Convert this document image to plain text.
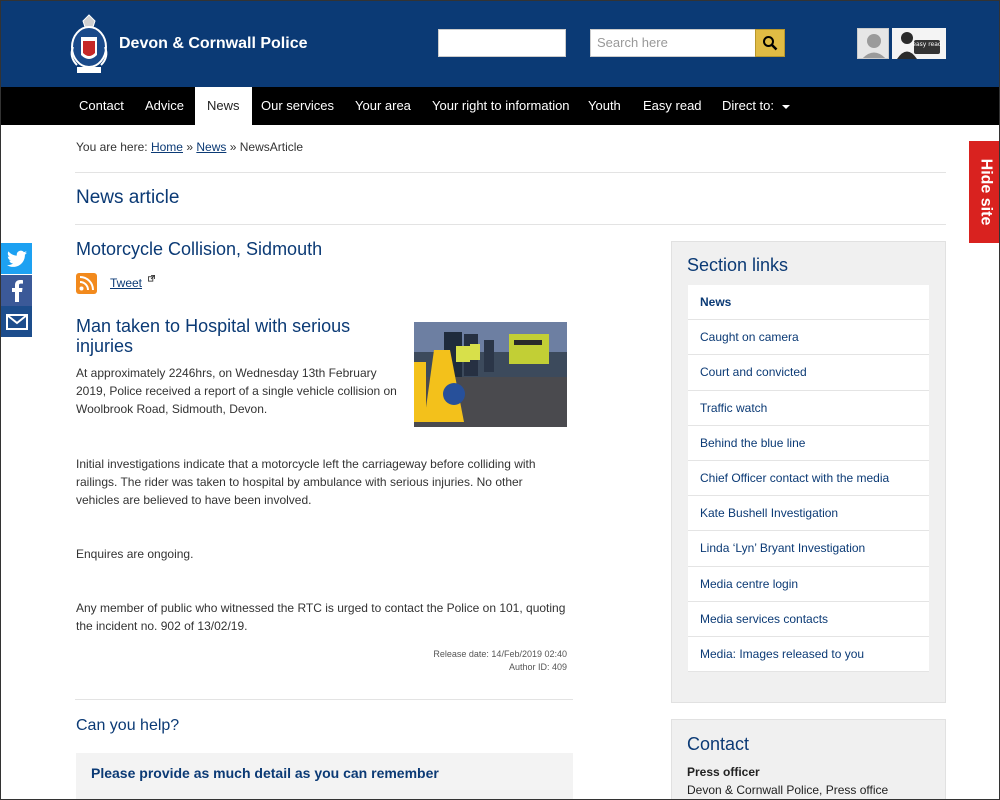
Devon & Cornwall Police	Search here	easy read
Contact Advice	News	Our services Your area Your right to information Youth Easy read Direct to:
Hide site
You are here: Home » News » NewsArticle
News article
Motorcycle Collision, Sidmouth
Tweet
Man taken to Hospital with serious injuries
At approximately 2246hrs, on Wednesday 13th February 2019, Police received a report of a single vehicle collision on Woolbrook Road, Sidmouth, Devon.
Initial investigations indicate that a motorcycle left the carriageway before colliding with railings. The rider was taken to hospital by ambulance with serious injuries. No other vehicles are believed to have been involved.
Enquires are ongoing.
Any member of public who witnessed the RTC is urged to contact the Police on 101, quoting the incident no. 902 of 13/02/19.
Release date: 14/Feb/2019 02:40
Author ID: 409
Can you help?
Please provide as much detail as you can remember
Section links
News
Caught on camera
Court and convicted
Traffic watch
Behind the blue line
Chief Officer contact with the media
Kate Bushell Investigation
Linda ‘Lyn’ Bryant Investigation
Media centre login
Media services contacts
Media: Images released to you
Contact
Press officer
Devon & Cornwall Police, Press office
